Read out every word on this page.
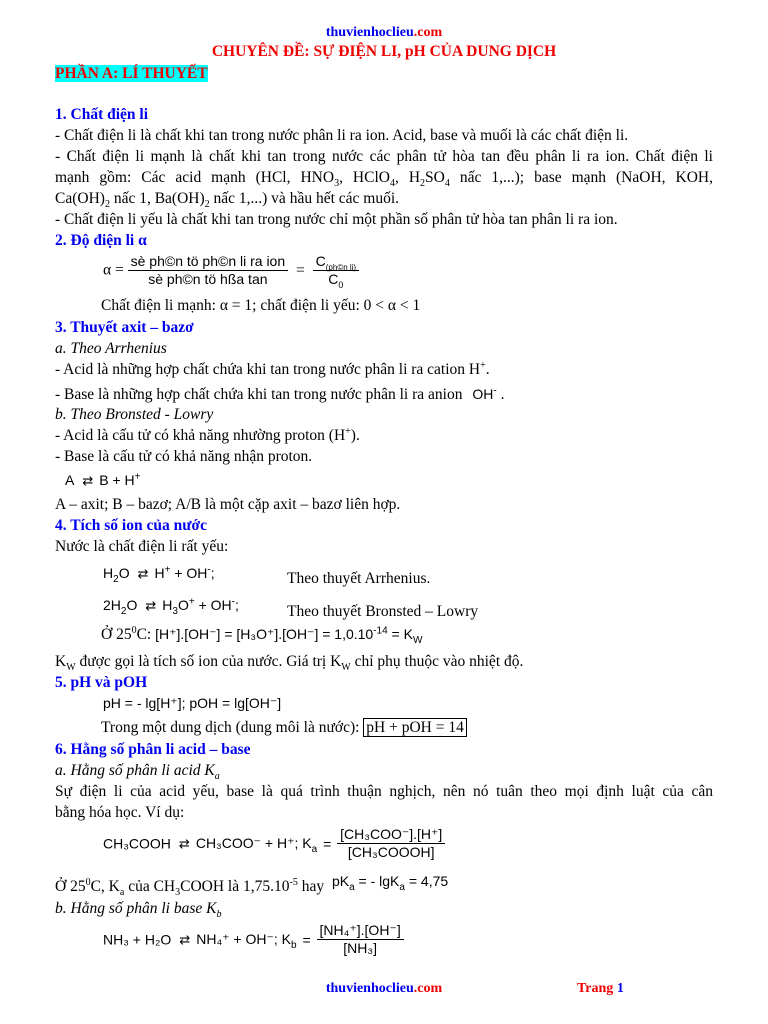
thuvienhoclieu.com
CHUYÊN ĐỀ: SỰ ĐIỆN LI, pH CỦA DUNG DỊCH
PHẦN A: LÍ THUYẾT
1. Chất điện li
- Chất điện li là chất khi tan trong nước phân li ra ion. Acid, base và muối là các chất điện li.
- Chất điện li mạnh là chất khi tan trong nước các phân tử hòa tan đều phân li ra ion. Chất điện li
mạnh gồm: Các acid mạnh (HCl, $HNO_3$, HClO$_4$, $H_2SO_4$ nấc 1,...); base mạnh (NaOH, KOH,
$Ca(OH)_2$ nấc 1, $Ba(OH)_2$ nấc 1,...) và hầu hết các muối.
- Chất điện li yếu là chất khi tan trong nước chỉ một phần số phân tử hòa tan phân li ra ion.
2. Độ điện li α
$\alpha = \frac{\text{sè ph©n tö ph©n li ra ion}}{\text{sè ph©n tö hßa tan}} = \frac{C_{(ph©n li)}}{C_0}$
Chất điện li mạnh: α = 1; chất điện li yếu: 0 < α < 1
3. Thuyết axit – bazơ
a. Theo Arrhenius
- Acid là những hợp chất chứa khi tan trong nước phân li ra cation H+.
- Base là những hợp chất chứa khi tan trong nước phân li ra anion OH- .
b. Theo Bronsted - Lowry
- Acid là cấu tử có khả năng nhường proton (H+).
- Base là cấu tử có khả năng nhận proton.
A ⇄ B + H+
A – axit; B – bazơ; A/B là một cặp axit – bazơ liên hợp.
4. Tích số ion của nước
Nước là chất điện li rất yếu:
$H_2O$ ⇄ H+ + OH-;	Theo thuyết Arrhenius.
$2H_2O$ ⇄ $H_3O^+ + OH^-$;	Theo thuyết Bronsted – Lowry
Ở $25^0C$: $[H^+].[OH^-] = [H_3O^+].[OH^-] = 1,0.10^{-14} = K_W$
$K_W$ được gọi là tích số ion của nước. Giá trị $K_W$ chỉ phụ thuộc vào nhiệt độ.
5. pH và pOH
pH = - lg[H⁺]; pOH = lg[OH⁻]
Trong một dung dịch (dung môi là nước): pH + pOH = 14
6. Hằng số phân li acid – base
a. Hằng số phân li acid $K_a$
Sự điện li của acid yếu, base là quá trình thuận nghịch, nên nó tuân theo mọi định luật của cân
bằng hóa học. Ví dụ:
CH₃COOH ⇄ CH₃COO⁻ + H⁺; $K_a = \frac{\text{[CH₃COO⁻].[H⁺]}}{\text{[CH₃COOOH]}}$
Ở $25^0C$, $K_a$ của $CH_3COOH$ là $1,75.10^{-5}$ hay $pK_a$ = - lgK$_a$ = 4,75
b. Hằng số phân li base $K_b$
NH₃ + H₂O ⇄ NH₄⁺ + OH⁻; $K_b = \frac{\text{[NH₄⁺].[OH⁻]}}{\text{[NH₃]}}$
thuvienhoclieu.com	Trang 1
